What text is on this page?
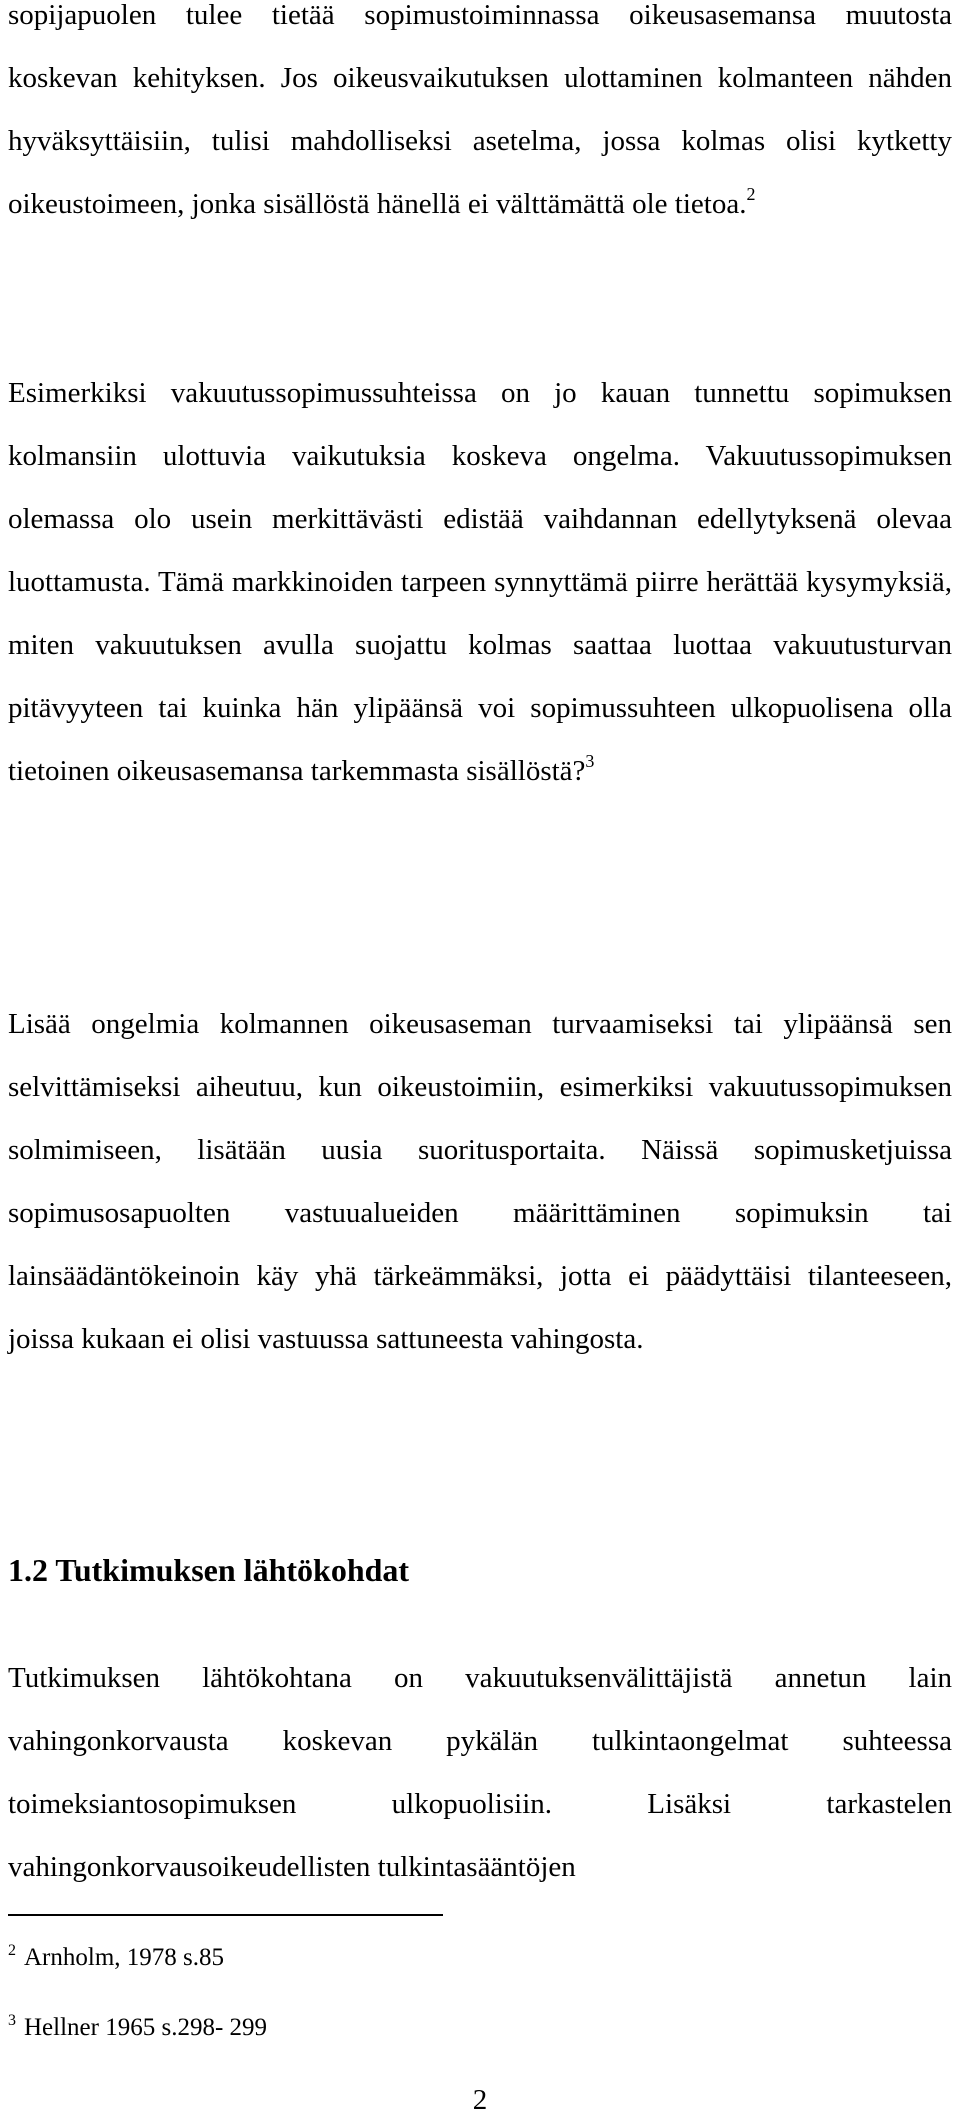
sopijapuolen tulee tietää sopimustoiminnassa oikeusasemansa muutosta koskevan kehityksen. Jos oikeusvaikutuksen ulottaminen kolmanteen nähden hyväksyttäisiin, tulisi mahdolliseksi asetelma, jossa kolmas olisi kytketty oikeustoimeen, jonka sisällöstä hänellä ei välttämättä ole tietoa.$^2$

Esimerkiksi vakuutussopimussuhteissa on jo kauan tunnettu sopimuksen kolmansiin ulottuvia vaikutuksia koskeva ongelma. Vakuutussopimuksen olemassa olo usein merkittävästi edistää vaihdannan edellytyksenä olevaa luottamusta. Tämä markkinoiden tarpeen synnyttämä piirre herättää kysymyksiä, miten vakuutuksen avulla suojattu kolmas saattaa luottaa vakuutusturvan pitävyyteen tai kuinka hän ylipäänsä voi sopimussuhteen ulkopuolisena olla tietoinen oikeusasemansa tarkemmasta sisällöstä?$^3$

Lisää ongelmia kolmannen oikeusaseman turvaamiseksi tai ylipäänsä sen selvittämiseksi aiheutuu, kun oikeustoimiin, esimerkiksi vakuutussopimuksen solmimiseen, lisätään uusia suoritusportaita. Näissä sopimusketjuissa sopimusosapuolten vastuualueiden määrittäminen sopimuksin tai lainsäädäntökeinoin käy yhä tärkeämmäksi, jotta ei päädyttäisi tilanteeseen, joissa kukaan ei olisi vastuussa sattuneesta vahingosta.

1.2 Tutkimuksen lähtökohdat

Tutkimuksen lähtökohtana on vakuutuksenvälittäjistä annetun lain vahingonkorvausta koskevan pykälän tulkintaongelmat suhteessa toimeksiantosopimuksen ulkopuolisiin. Lisäksi tarkastelen vahingonkorvausoikeudellisten tulkintasääntöjen

$^2$ Arnholm, 1978 s.85

$^3$ Hellner 1965 s.298- 299

2
